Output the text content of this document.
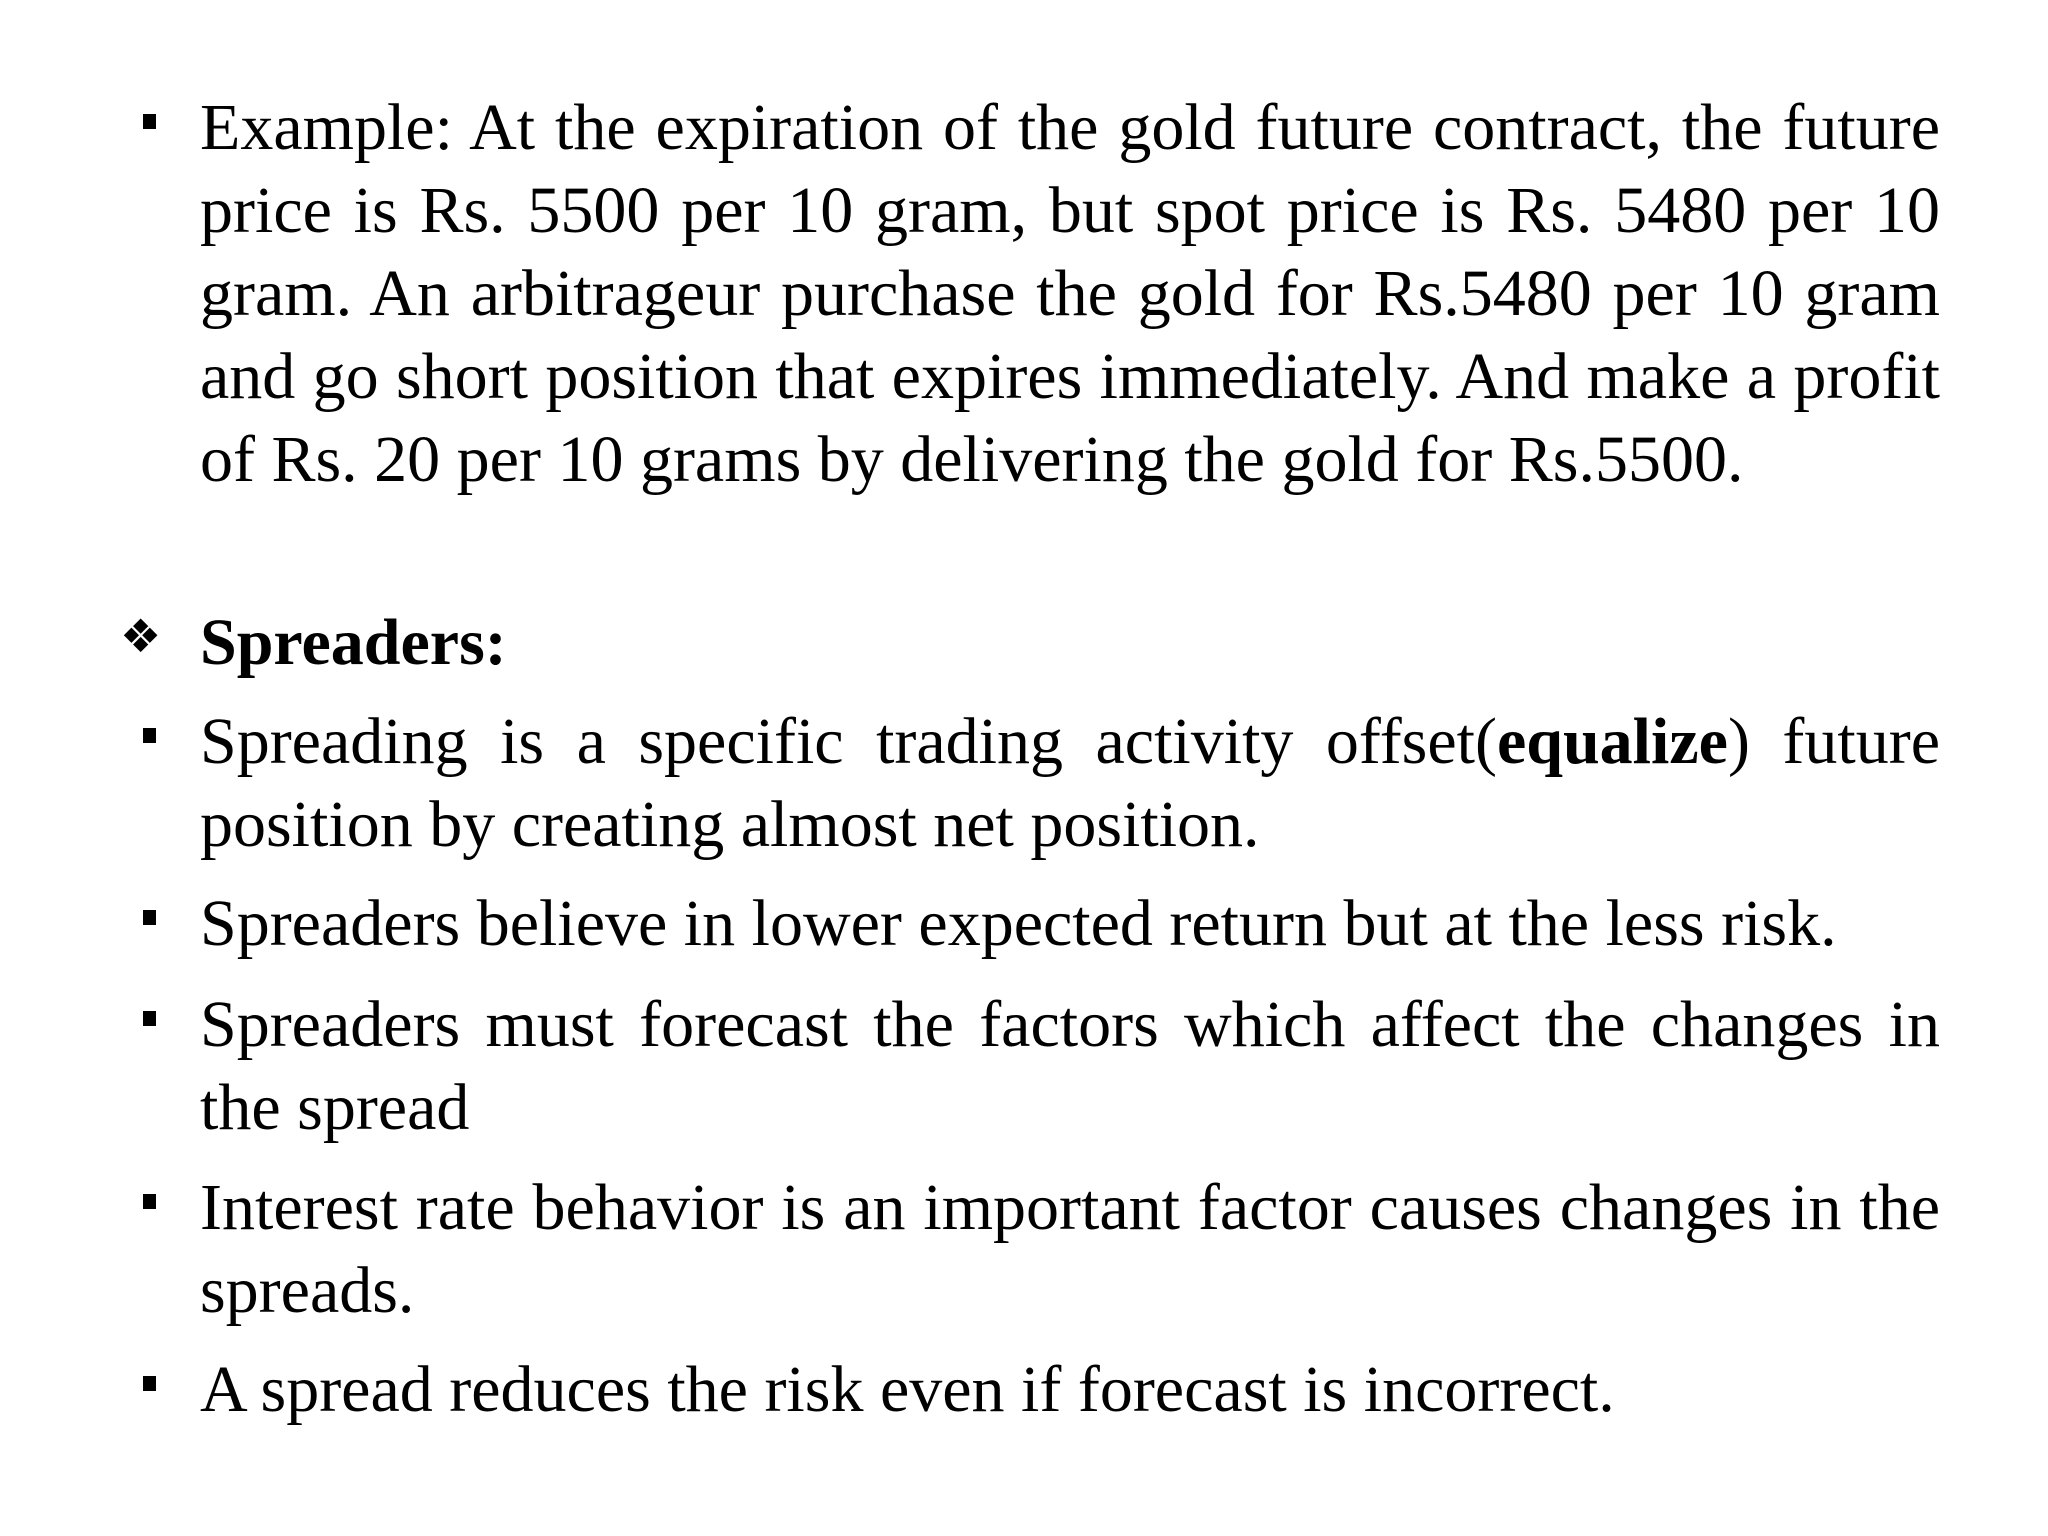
Example: At the expiration of the gold future contract, the future price is Rs. 5500 per 10 gram, but spot price is Rs. 5480 per 10 gram. An arbitrageur purchase the gold for Rs.5480 per 10 gram and go short position that expires immediately. And make a profit of Rs. 20 per 10 grams by delivering the gold for Rs.5500.
❖ Spreaders:
Spreading is a specific trading activity offset(equalize) future position by creating almost net position.
Spreaders believe in lower expected return but at the less risk.
Spreaders must forecast the factors which affect the changes in the spread
Interest rate behavior is an important factor causes changes in the spreads.
A spread reduces the risk even if forecast is incorrect.
